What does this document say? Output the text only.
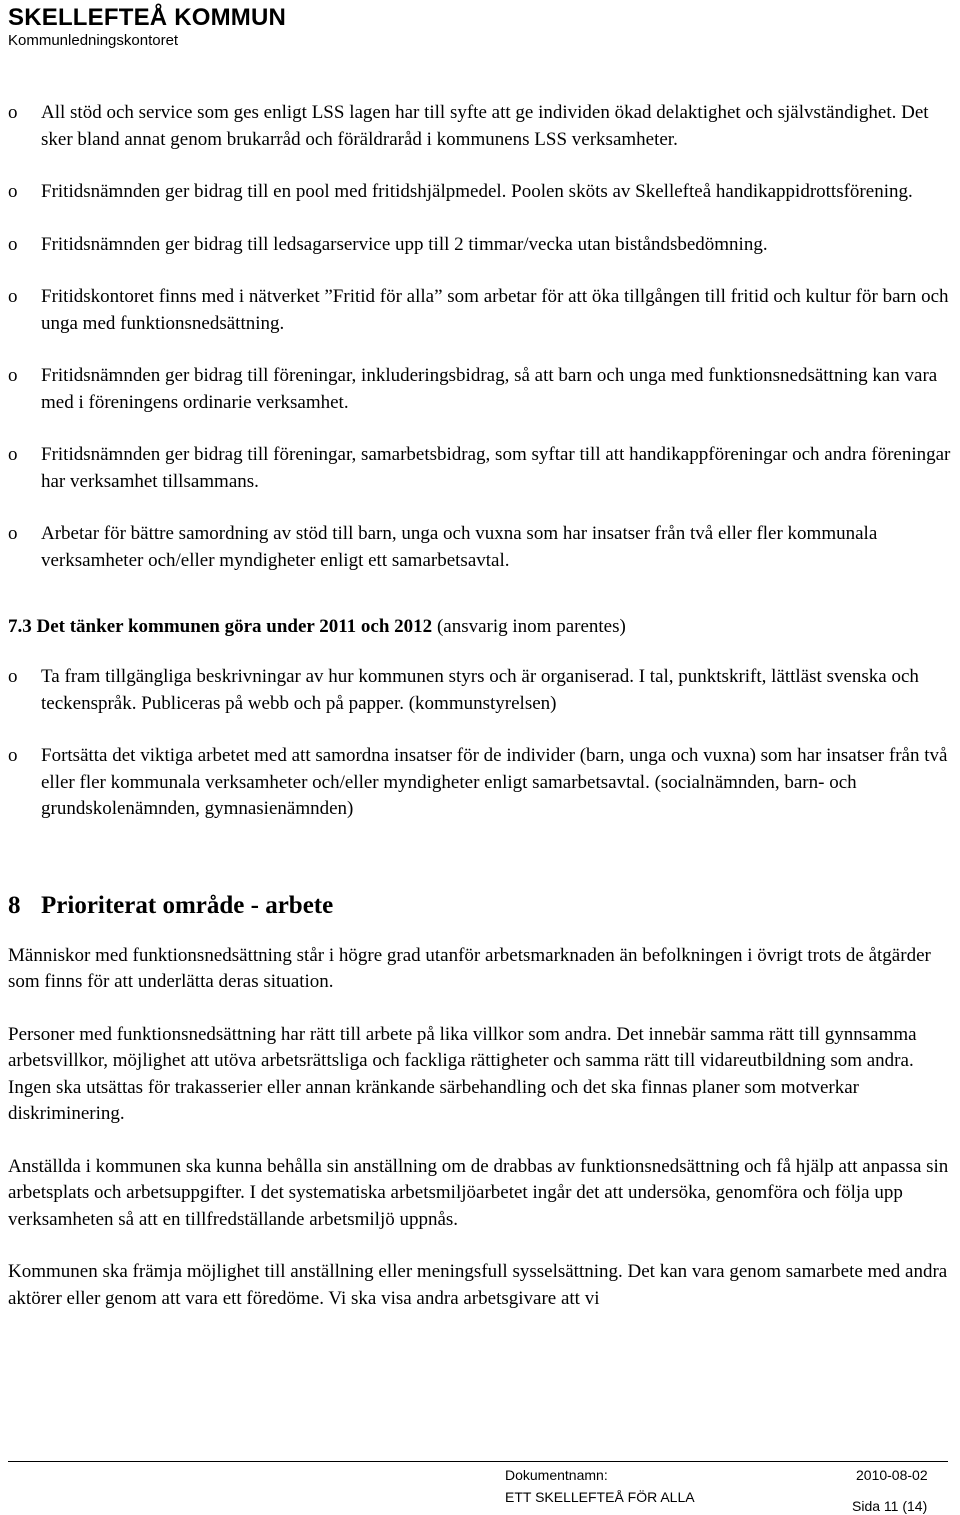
SKELLEFTEÅ KOMMUN
Kommunledningskontoret
o All stöd och service som ges enligt LSS lagen har till syfte att ge individen ökad delaktighet och självständighet. Det sker bland annat genom brukarråd och föräldraråd i kommunens LSS verksamheter.
o Fritidsnämnden ger bidrag till en pool med fritidshjälpmedel. Poolen sköts av Skellefteå handikappidrottsförening.
o Fritidsnämnden ger bidrag till ledsagarservice upp till 2 timmar/vecka utan biståndsbedömning.
o Fritidskontoret finns med i nätverket ”Fritid för alla” som arbetar för att öka tillgången till fritid och kultur för barn och unga med funktionsnedsättning.
o Fritidsnämnden ger bidrag till föreningar, inkluderingsbidrag, så att barn och unga med funktionsnedsättning kan vara med i föreningens ordinarie verksamhet.
o Fritidsnämnden ger bidrag till föreningar, samarbetsbidrag, som syftar till att handikappföreningar och andra föreningar har verksamhet tillsammans.
o Arbetar för bättre samordning av stöd till barn, unga och vuxna som har insatser från två eller fler kommunala verksamheter och/eller myndigheter enligt ett samarbetsavtal.
7.3 Det tänker kommunen göra under 2011 och 2012 (ansvarig inom parentes)
o Ta fram tillgängliga beskrivningar av hur kommunen styrs och är organiserad. I tal, punktskrift, lättläst svenska och teckenspråk. Publiceras på webb och på papper. (kommunstyrelsen)
o Fortsätta det viktiga arbetet med att samordna insatser för de individer (barn, unga och vuxna) som har insatser från två eller fler kommunala verksamheter och/eller myndigheter enligt samarbetsavtal. (socialnämnden, barn- och grundskolenämnden, gymnasienämnden)
8 Prioriterat område - arbete

Människor med funktionsnedsättning står i högre grad utanför arbetsmarknaden än befolkningen i övrigt trots de åtgärder som finns för att underlätta deras situation.

Personer med funktionsnedsättning har rätt till arbete på lika villkor som andra. Det innebär samma rätt till gynnsamma arbetsvillkor, möjlighet att utöva arbetsrättsliga och fackliga rättigheter och samma rätt till vidareutbildning som andra. Ingen ska utsättas för trakasserier eller annan kränkande särbehandling och det ska finnas planer som motverkar diskriminering.

Anställda i kommunen ska kunna behålla sin anställning om de drabbas av funktionsnedsättning och få hjälp att anpassa sin arbetsplats och arbetsuppgifter. I det systematiska arbetsmiljöarbetet ingår det att undersöka, genomföra och följa upp verksamheten så att en tillfredställande arbetsmiljö uppnås.

Kommunen ska främja möjlighet till anställning eller meningsfull sysselsättning. Det kan vara genom samarbete med andra aktörer eller genom att vara ett föredöme. Vi ska visa andra arbetsgivare att vi

Dokumentnamn:	2010-08-02
ETT SKELLEFTEÅ FÖR ALLA
Sida 11 (14)
